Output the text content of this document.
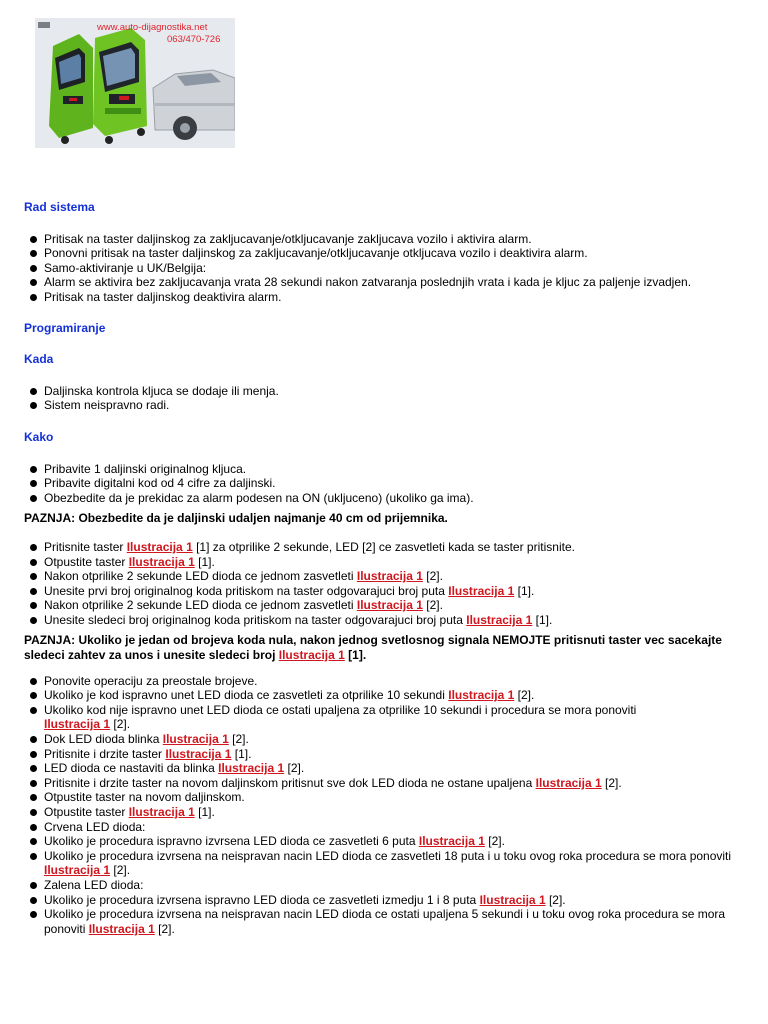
www.auto-dijagnostika.net
063/470-726

Rad sistema

Pritisak na taster daljinskog za zakljucavanje/otkljucavanje zakljucava vozilo i aktivira alarm.
Ponovni pritisak na taster daljinskog za zakljucavanje/otkljucavanje otkljucava vozilo i deaktivira alarm.
Samo-aktiviranje u UK/Belgija:
Alarm se aktivira bez zakljucavanja vrata 28 sekundi nakon zatvaranja poslednjih vrata i kada je kljuc za paljenje izvadjen.
Pritisak na taster daljinskog deaktivira alarm.

Programiranje

Kada

Daljinska kontrola kljuca se dodaje ili menja.
Sistem neispravno radi.

Kako

Pribavite 1 daljinski originalnog kljuca.
Pribavite digitalni kod od 4 cifre za daljinski.
Obezbedite da je prekidac za alarm podesen na ON (ukljuceno) (ukoliko ga ima).

PAZNJA: Obezbedite da je daljinski udaljen najmanje 40 cm od prijemnika.

Pritisnite taster Ilustracija 1 [1] za otprilike 2 sekunde, LED [2] ce zasvetleti kada se taster pritisnite.
Otpustite taster Ilustracija 1 [1].
Nakon otprilike 2 sekunde LED dioda ce jednom zasvetleti Ilustracija 1 [2].
Unesite prvi broj originalnog koda pritiskom na taster odgovarajuci broj puta Ilustracija 1 [1].
Nakon otprilike 2 sekunde LED dioda ce jednom zasvetleti Ilustracija 1 [2].
Unesite sledeci broj originalnog koda pritiskom na taster odgovarajuci broj puta Ilustracija 1 [1].

PAZNJA: Ukoliko je jedan od brojeva koda nula, nakon jednog svetlosnog signala NEMOJTE pritisnuti taster vec sacekajte sledeci zahtev za unos i unesite sledeci broj Ilustracija 1 [1].

Ponovite operaciju za preostale brojeve.
Ukoliko je kod ispravno unet LED dioda ce zasvetleti za otprilike 10 sekundi Ilustracija 1 [2].
Ukoliko kod nije ispravno unet LED dioda ce ostati upaljena za otprilike 10 sekundi i procedura se mora ponoviti
Ilustracija 1 [2].
Dok LED dioda blinka Ilustracija 1 [2].
Pritisnite i drzite taster Ilustracija 1 [1].
LED dioda ce nastaviti da blinka Ilustracija 1 [2].
Pritisnite i drzite taster na novom daljinskom pritisnut sve dok LED dioda ne ostane upaljena Ilustracija 1 [2].
Otpustite taster na novom daljinskom.
Otpustite taster Ilustracija 1 [1].
Crvena LED dioda:
Ukoliko je procedura ispravno izvrsena LED dioda ce zasvetleti 6 puta Ilustracija 1 [2].
Ukoliko je procedura izvrsena na neispravan nacin LED dioda ce zasvetleti 18 puta i u toku ovog roka procedura se mora ponoviti Ilustracija 1 [2].
Zalena LED dioda:
Ukoliko je procedura izvrsena ispravno LED dioda ce zasvetleti izmedju 1 i 8 puta Ilustracija 1 [2].
Ukoliko je procedura izvrsena na neispravan nacin LED dioda ce ostati upaljena 5 sekundi i u toku ovog roka procedura se mora ponoviti Ilustracija 1 [2].
